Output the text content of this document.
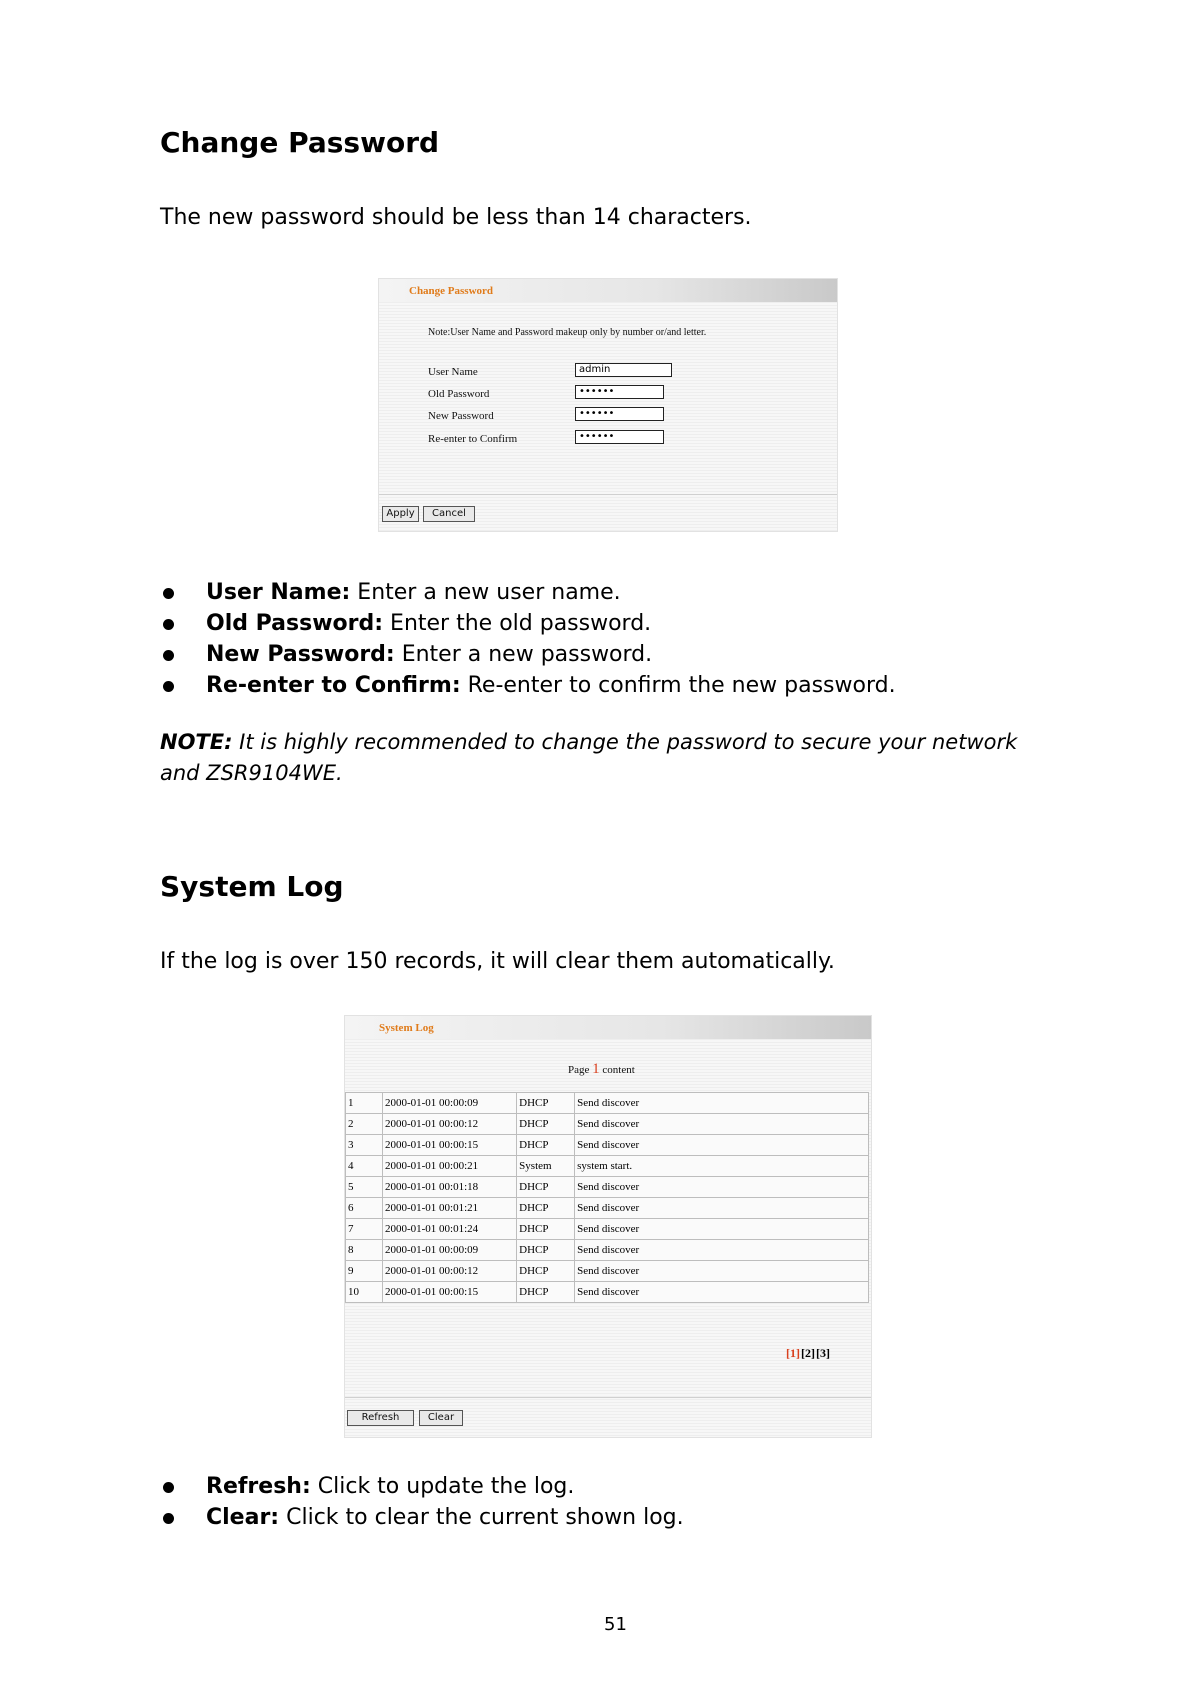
Change Password

The new password should be less than 14 characters.

Change Password
Note:User Name and Password makeup only by number or/and letter.
User Name	admin
Old Password	••••••
New Password	••••••
Re-enter to Confirm	••••••
Apply	Cancel
User Name: Enter a new user name.
Old Password: Enter the old password.
New Password: Enter a new password.
Re-enter to Confirm: Re-enter to confirm the new password.

NOTE: It is highly recommended to change the password to secure your network and ZSR9104WE.

System Log

If the log is over 150 records, it will clear them automatically.

System Log
Page 1 content
1	2000-01-01 00:00:09	DHCP	Send discover
2	2000-01-01 00:00:12	DHCP	Send discover
3	2000-01-01 00:00:15	DHCP	Send discover
4	2000-01-01 00:00:21	System	system start.
5	2000-01-01 00:01:18	DHCP	Send discover
6	2000-01-01 00:01:21	DHCP	Send discover
7	2000-01-01 00:01:24	DHCP	Send discover
8	2000-01-01 00:00:09	DHCP	Send discover
9	2000-01-01 00:00:12	DHCP	Send discover
10	2000-01-01 00:00:15	DHCP	Send discover
[1][2][3]
Refresh	Clear
Refresh: Click to update the log.
Clear: Click to clear the current shown log.
51
